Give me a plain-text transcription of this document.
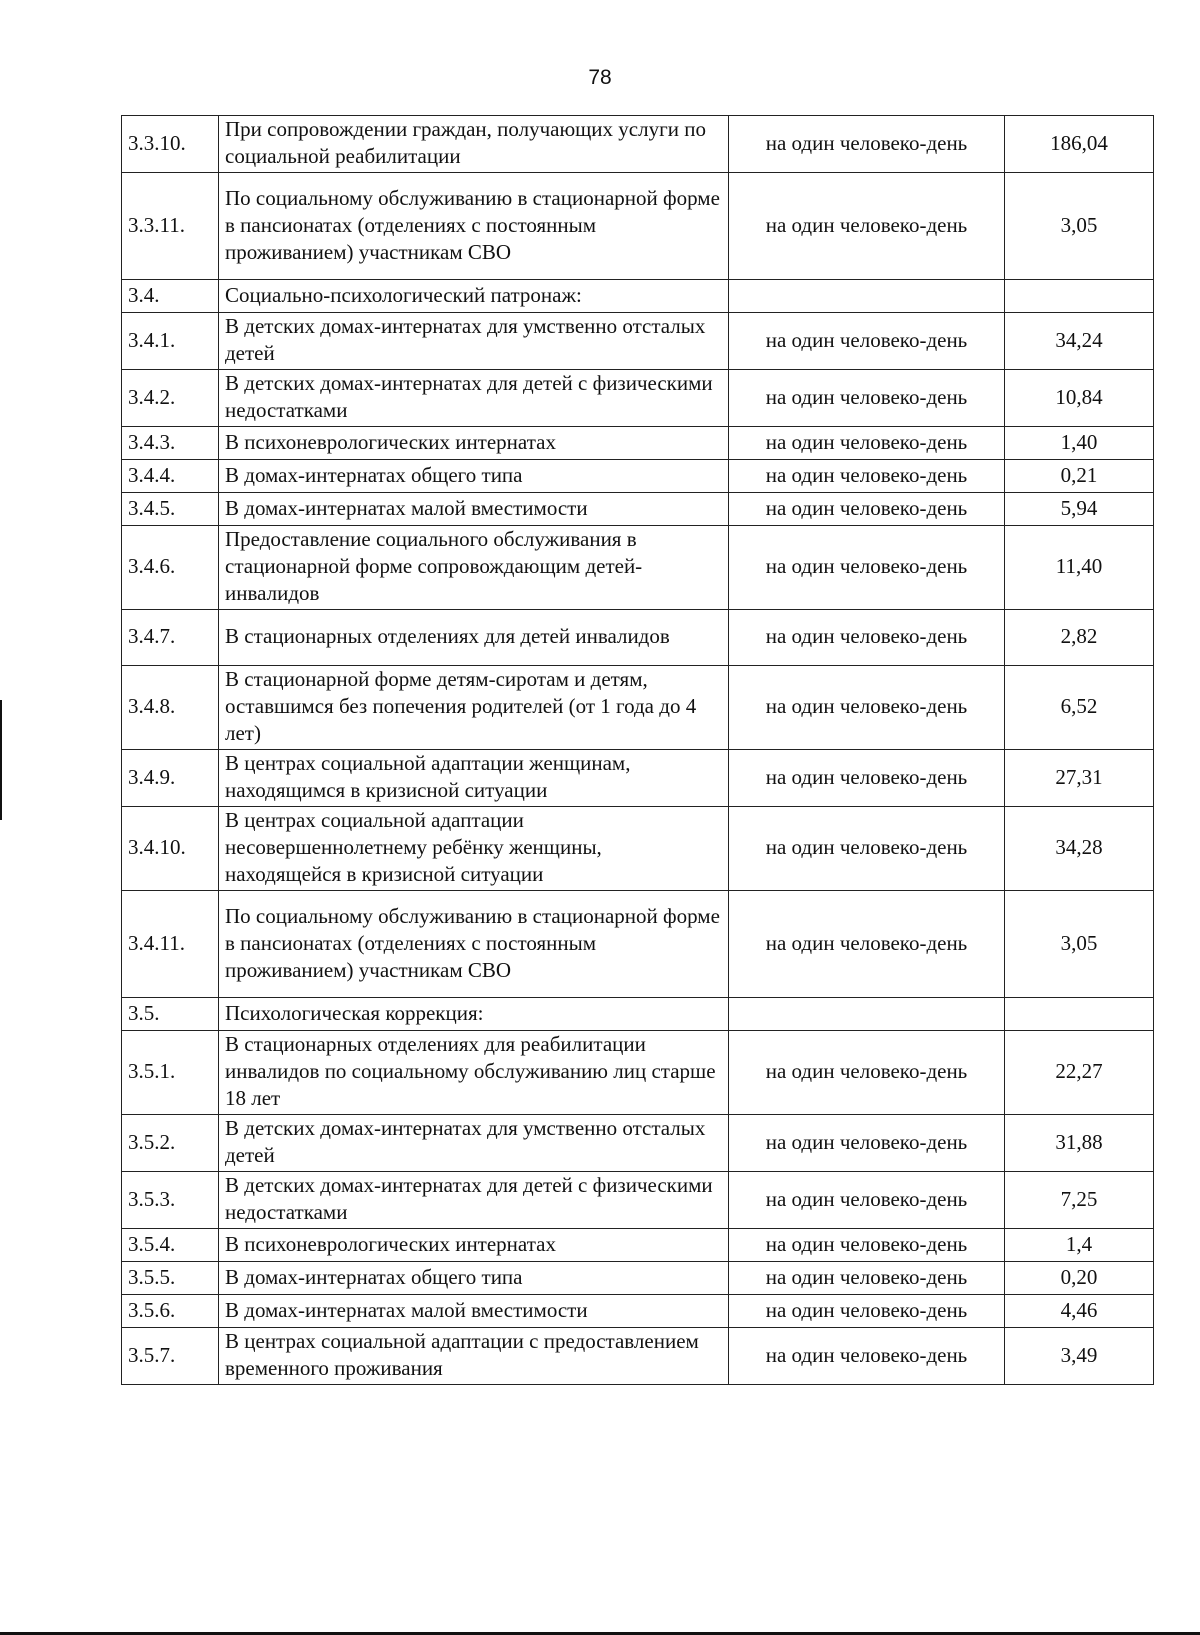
78
3.3.10.	При сопровождении граждан, получающих услуги по социальной реабилитации	на один человеко-день	186,04
3.3.11.	По социальному обслуживанию в стационарной форме в пансионатах (отделениях с постоянным проживанием) участникам СВО	на один человеко-день	3,05
3.4.	Социально-психологический патронаж:		
3.4.1.	В детских домах-интернатах для умственно отсталых детей	на один человеко-день	34,24
3.4.2.	В детских домах-интернатах для детей с физическими недостатками	на один человеко-день	10,84
3.4.3.	В психоневрологических интернатах	на один человеко-день	1,40
3.4.4.	В домах-интернатах общего типа	на один человеко-день	0,21
3.4.5.	В домах-интернатах малой вместимости	на один человеко-день	5,94
3.4.6.	Предоставление социального обслуживания в стационарной форме сопровождающим детей-инвалидов	на один человеко-день	11,40
3.4.7.	В стационарных отделениях для детей инвалидов	на один человеко-день	2,82
3.4.8.	В стационарной форме детям-сиротам и детям, оставшимся без попечения родителей (от 1 года до 4 лет)	на один человеко-день	6,52
3.4.9.	В центрах социальной адаптации женщинам, находящимся в кризисной ситуации	на один человеко-день	27,31
3.4.10.	В центрах социальной адаптации несовершеннолетнему ребёнку женщины, находящейся в кризисной ситуации	на один человеко-день	34,28
3.4.11.	По социальному обслуживанию в стационарной форме в пансионатах (отделениях с постоянным проживанием) участникам СВО	на один человеко-день	3,05
3.5.	Психологическая коррекция:		
3.5.1.	В стационарных отделениях для реабилитации инвалидов по социальному обслуживанию лиц старше 18 лет	на один человеко-день	22,27
3.5.2.	В детских домах-интернатах для умственно отсталых детей	на один человеко-день	31,88
3.5.3.	В детских домах-интернатах для детей с физическими недостатками	на один человеко-день	7,25
3.5.4.	В психоневрологических интернатах	на один человеко-день	1,4
3.5.5.	В домах-интернатах общего типа	на один человеко-день	0,20
3.5.6.	В домах-интернатах малой вместимости	на один человеко-день	4,46
3.5.7.	В центрах социальной адаптации с предоставлением временного проживания	на один человеко-день	3,49
